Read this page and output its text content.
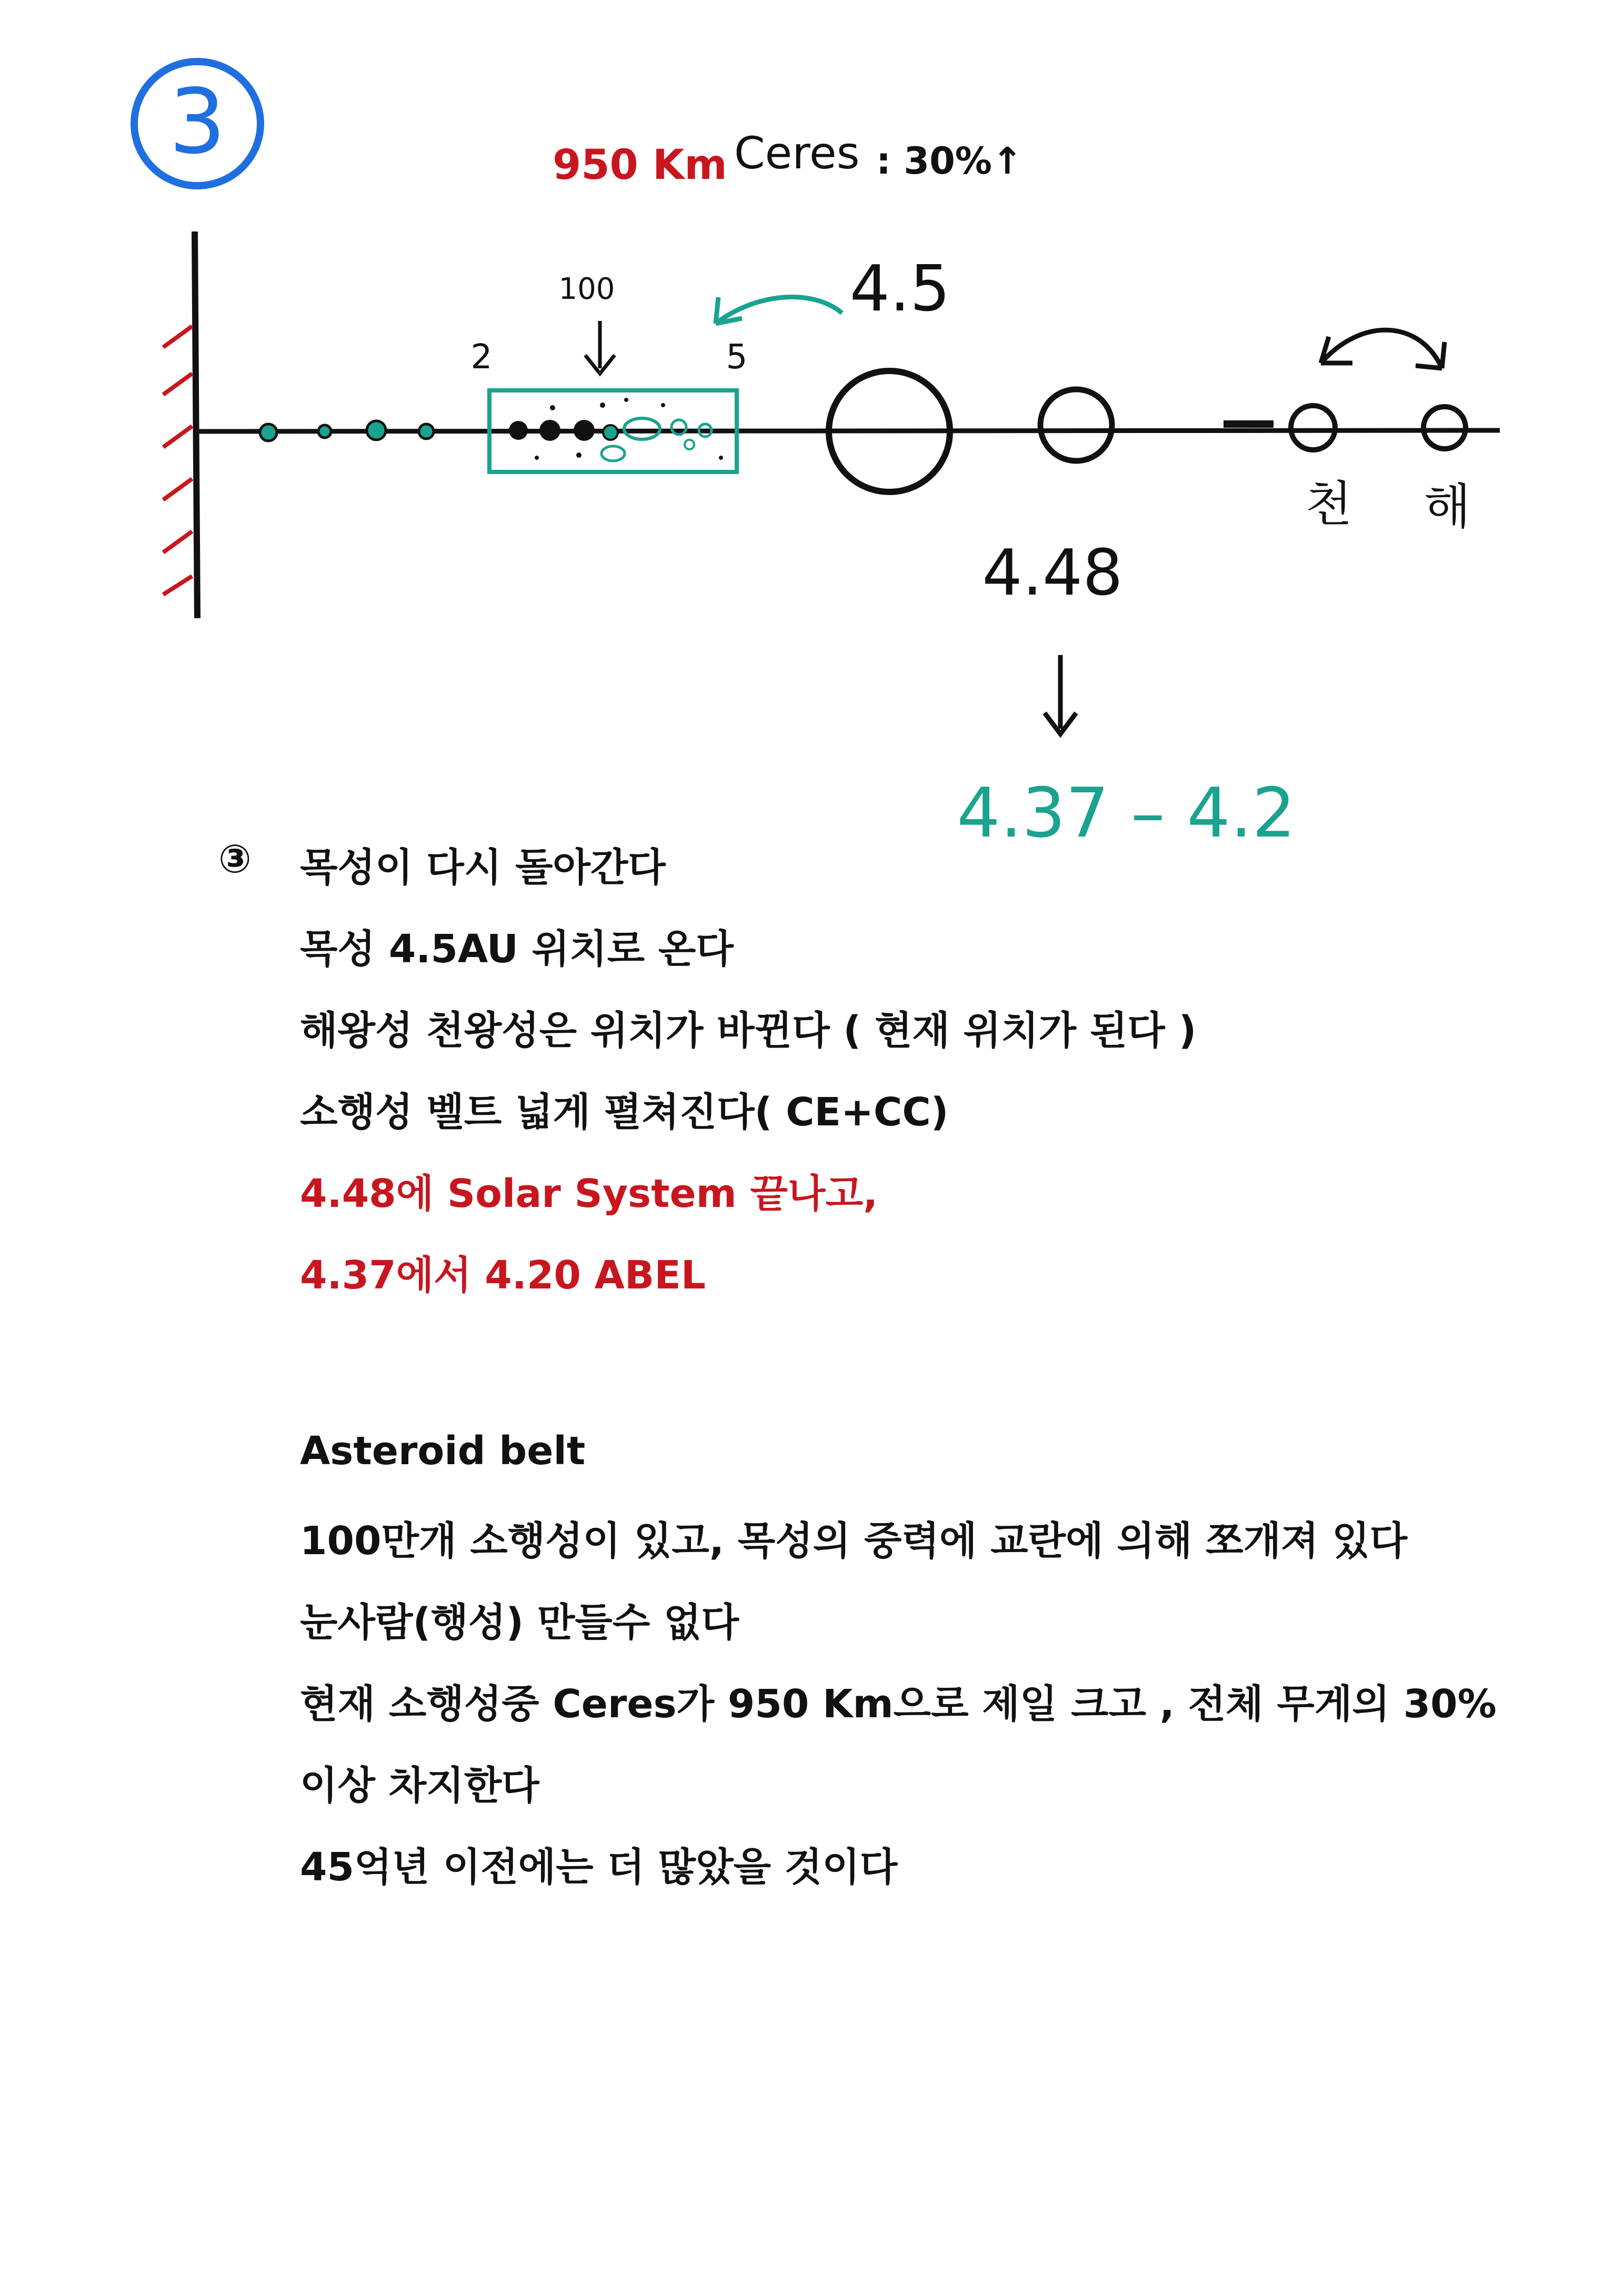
3	950 Km Ceres : 30%↑
100
2	5
4.5
천 해
4.48
4.37 – 4.2
③ 목성이 다시 돌아간다
목성 4.5AU 위치로 온다
해왕성 천왕성은 위치가 바뀐다 ( 현재 위치가 된다 )
소행성 벨트 넓게 펼쳐진다( CE+CC)
4.48에 Solar System 끝나고,
4.37에서 4.20 ABEL
Asteroid belt
100만개 소행성이 있고, 목성의 중력에 교란에 의해 쪼개져 있다
눈사람(행성) 만들수 없다
현재 소행성중 Ceres가 950 Km으로 제일 크고 , 전체 무게의 30%
이상 차지한다
45억년 이전에는 더 많았을 것이다
